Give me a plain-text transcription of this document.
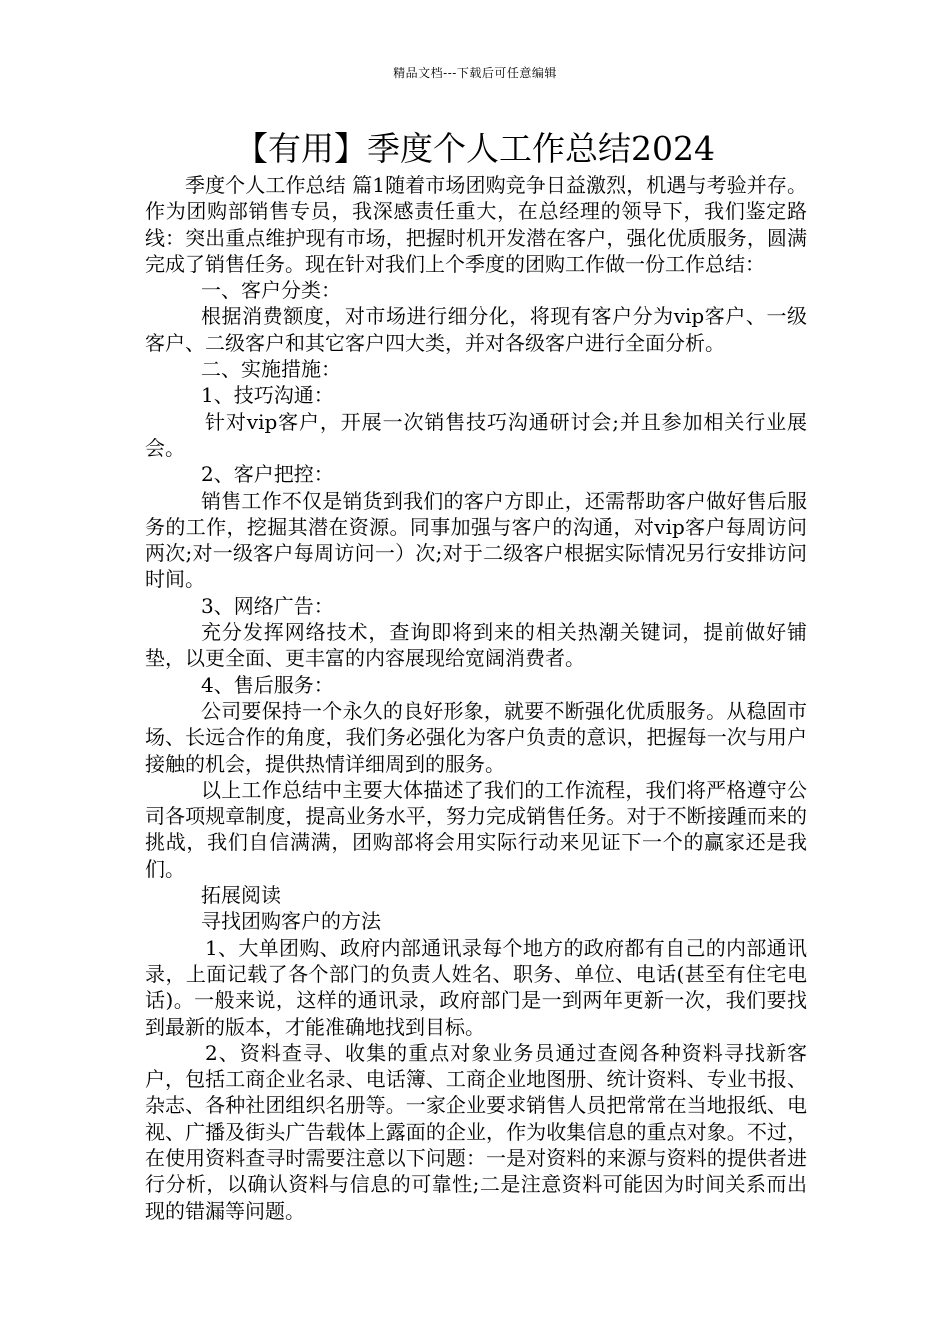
精品文档---下载后可任意编辑
【有用】季度个人工作总结2024

季度个人工作总结 篇1随着市场团购竞争日益激烈，机遇与考验并存。作为团购部销售专员，我深感责任重大，在总经理的领导下，我们鉴定路线：突出重点维护现有市场，把握时机开发潜在客户，强化优质服务，圆满完成了销售任务。现在针对我们上个季度的团购工作做一份工作总结：

一、客户分类：

根据消费额度，对市场进行细分化，将现有客户分为vip客户、一级客户、二级客户和其它客户四大类，并对各级客户进行全面分析。

二、实施措施：

1、技巧沟通：

针对vip客户，开展一次销售技巧沟通研讨会;并且参加相关行业展会。

2、客户把控：

销售工作不仅是销货到我们的客户方即止，还需帮助客户做好售后服务的工作，挖掘其潜在资源。同事加强与客户的沟通，对vip客户每周访问两次;对一级客户每周访问一）次;对于二级客户根据实际情况另行安排访问时间。

3、网络广告：

充分发挥网络技术，查询即将到来的相关热潮关键词，提前做好铺垫，以更全面、更丰富的内容展现给宽阔消费者。

4、售后服务：

公司要保持一个永久的良好形象，就要不断强化优质服务。从稳固市场、长远合作的角度，我们务必强化为客户负责的意识，把握每一次与用户接触的机会，提供热情详细周到的服务。

以上工作总结中主要大体描述了我们的工作流程，我们将严格遵守公司各项规章制度，提高业务水平，努力完成销售任务。对于不断接踵而来的挑战，我们自信满满，团购部将会用实际行动来见证下一个的赢家还是我们。

拓展阅读

寻找团购客户的方法

1、大单团购、政府内部通讯录每个地方的政府都有自己的内部通讯录，上面记载了各个部门的负责人姓名、职务、单位、电话(甚至有住宅电话)。一般来说，这样的通讯录，政府部门是一到两年更新一次，我们要找到最新的版本，才能准确地找到目标。

2、资料查寻、收集的重点对象业务员通过查阅各种资料寻找新客户，包括工商企业名录、电话簿、工商企业地图册、统计资料、专业书报、杂志、各种社团组织名册等。一家企业要求销售人员把常常在当地报纸、电视、广播及街头广告载体上露面的企业，作为收集信息的重点对象。不过，在使用资料查寻时需要注意以下问题：一是对资料的来源与资料的提供者进行分析，以确认资料与信息的可靠性;二是注意资料可能因为时间关系而出现的错漏等问题。
